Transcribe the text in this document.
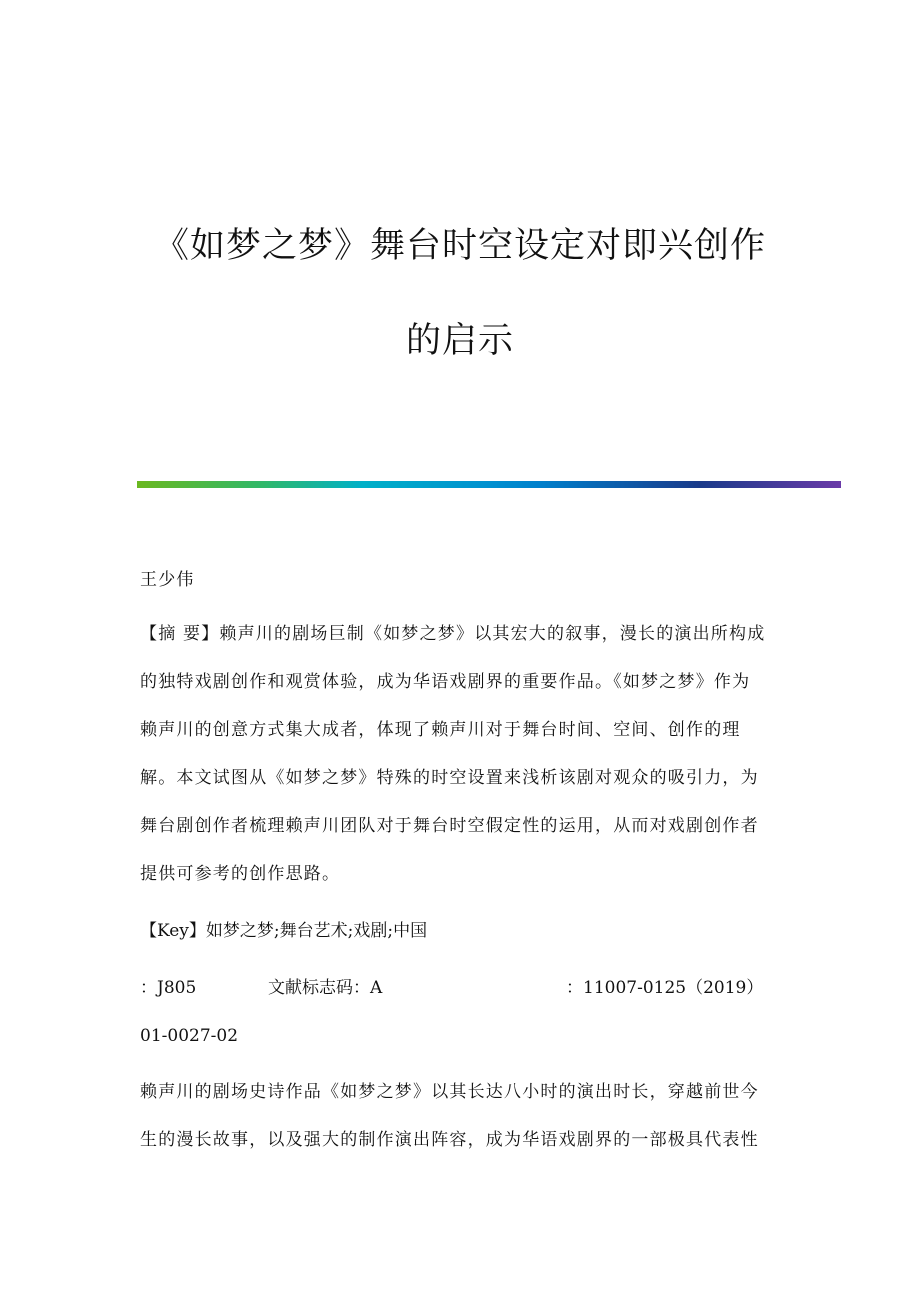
《如梦之梦》舞台时空设定对即兴创作
的启示
王少伟
【摘 要】赖声川的剧场巨制《如梦之梦》以其宏大的叙事，漫长的演出所构成
的独特戏剧创作和观赏体验，成为华语戏剧界的重要作品。《如梦之梦》作为
赖声川的创意方式集大成者，体现了赖声川对于舞台时间、空间、创作的理
解。本文试图从《如梦之梦》特殊的时空设置来浅析该剧对观众的吸引力，为
舞台剧创作者梳理赖声川团队对于舞台时空假定性的运用，从而对戏剧创作者
提供可参考的创作思路。
【Key】如梦之梦;舞台艺术;戏剧;中国
：J805	文献标志码：A	：11007-0125（2019）
01-0027-02
赖声川的剧场史诗作品《如梦之梦》以其长达八小时的演出时长，穿越前世今
生的漫长故事，以及强大的制作演出阵容，成为华语戏剧界的一部极具代表性
